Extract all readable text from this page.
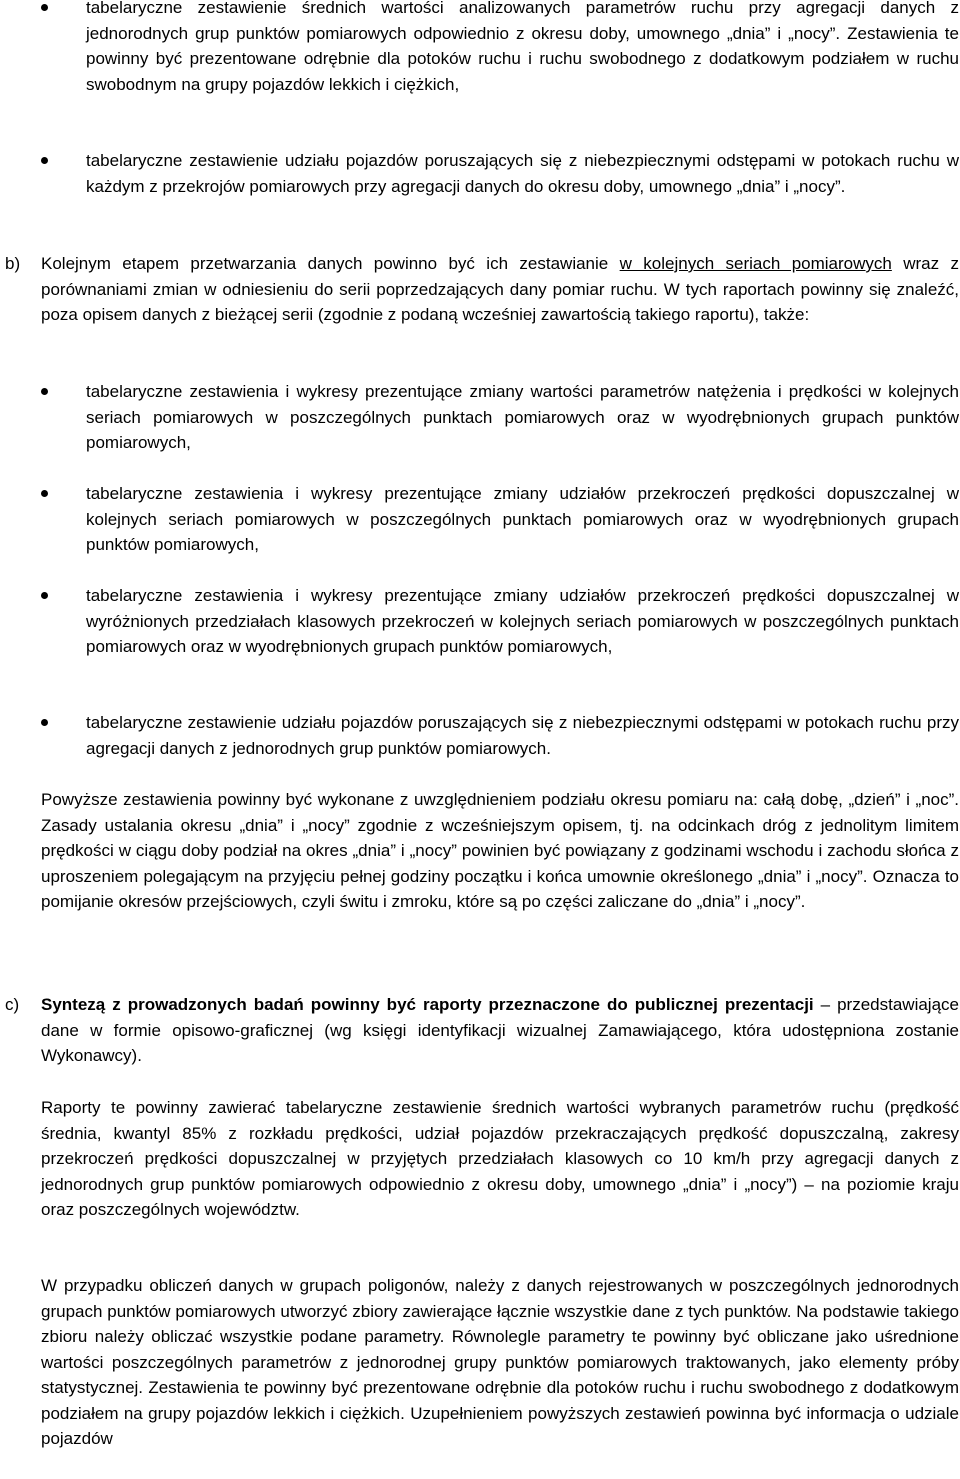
tabelaryczne zestawienie średnich wartości analizowanych parametrów ruchu przy agregacji danych z jednorodnych grup punktów pomiarowych odpowiednio z okresu doby, umownego „dnia” i „nocy”. Zestawienia te powinny być prezentowane odrębnie dla potoków ruchu i ruchu swobodnego z dodatkowym podziałem w ruchu swobodnym na grupy pojazdów lekkich i ciężkich,

tabelaryczne zestawienie udziału pojazdów poruszających się z niebezpiecznymi odstępami w potokach ruchu w każdym z przekrojów pomiarowych przy agregacji danych do okresu doby, umownego „dnia” i „nocy”.

b)	Kolejnym etapem przetwarzania danych powinno być ich zestawianie w kolejnych seriach pomiarowych wraz z porównaniami zmian w odniesieniu do serii poprzedzających dany pomiar ruchu. W tych raportach powinny się znaleźć, poza opisem danych z bieżącej serii (zgodnie z podaną wcześniej zawartością takiego raportu), także:

tabelaryczne zestawienia i wykresy prezentujące zmiany wartości parametrów natężenia i prędkości w kolejnych seriach pomiarowych w poszczególnych punktach pomiarowych oraz w wyodrębnionych grupach punktów pomiarowych,

tabelaryczne zestawienia i wykresy prezentujące zmiany udziałów przekroczeń prędkości dopuszczalnej w kolejnych seriach pomiarowych w poszczególnych punktach pomiarowych oraz w wyodrębnionych grupach punktów pomiarowych,

tabelaryczne zestawienia i wykresy prezentujące zmiany udziałów przekroczeń prędkości dopuszczalnej w wyróżnionych przedziałach klasowych przekroczeń w kolejnych seriach pomiarowych w poszczególnych punktach pomiarowych oraz w wyodrębnionych grupach punktów pomiarowych,

tabelaryczne zestawienie udziału pojazdów poruszających się z niebezpiecznymi odstępami w potokach ruchu przy agregacji danych z jednorodnych grup punktów pomiarowych.

Powyższe zestawienia powinny być wykonane z uwzględnieniem podziału okresu pomiaru na: całą dobę, „dzień” i „noc”. Zasady ustalania okresu „dnia” i „nocy” zgodnie z wcześniejszym opisem, tj. na odcinkach dróg z jednolitym limitem prędkości w ciągu doby podział na okres „dnia” i „nocy” powinien być powiązany z godzinami wschodu i zachodu słońca z uproszeniem polegającym na przyjęciu pełnej godziny początku i końca umownie określonego „dnia” i „nocy”. Oznacza to pomijanie okresów przejściowych, czyli świtu i zmroku, które są po części zaliczane do „dnia” i „nocy”.

c)	Syntezą z prowadzonych badań powinny być raporty przeznaczone do publicznej prezentacji – przedstawiające dane w formie opisowo-graficznej (wg księgi identyfikacji wizualnej Zamawiającego, która udostępniona zostanie Wykonawcy).

Raporty te powinny zawierać tabelaryczne zestawienie średnich wartości wybranych parametrów ruchu (prędkość średnia, kwantyl 85% z rozkładu prędkości, udział pojazdów przekraczających prędkość dopuszczalną, zakresy przekroczeń prędkości dopuszczalnej w przyjętych przedziałach klasowych co 10 km/h przy agregacji danych z jednorodnych grup punktów pomiarowych odpowiednio z okresu doby, umownego „dnia” i „nocy”) – na poziomie kraju oraz poszczególnych województw.

W przypadku obliczeń danych w grupach poligonów, należy z danych rejestrowanych w poszczególnych jednorodnych grupach punktów pomiarowych utworzyć zbiory zawierające łącznie wszystkie dane z tych punktów. Na podstawie takiego zbioru należy obliczać wszystkie podane parametry. Równolegle parametry te powinny być obliczane jako uśrednione wartości poszczególnych parametrów z jednorodnej grupy punktów pomiarowych traktowanych, jako elementy próby statystycznej. Zestawienia te powinny być prezentowane odrębnie dla potoków ruchu i ruchu swobodnego z dodatkowym podziałem na grupy pojazdów lekkich i ciężkich. Uzupełnieniem powyższych zestawień powinna być informacja o udziale pojazdów
